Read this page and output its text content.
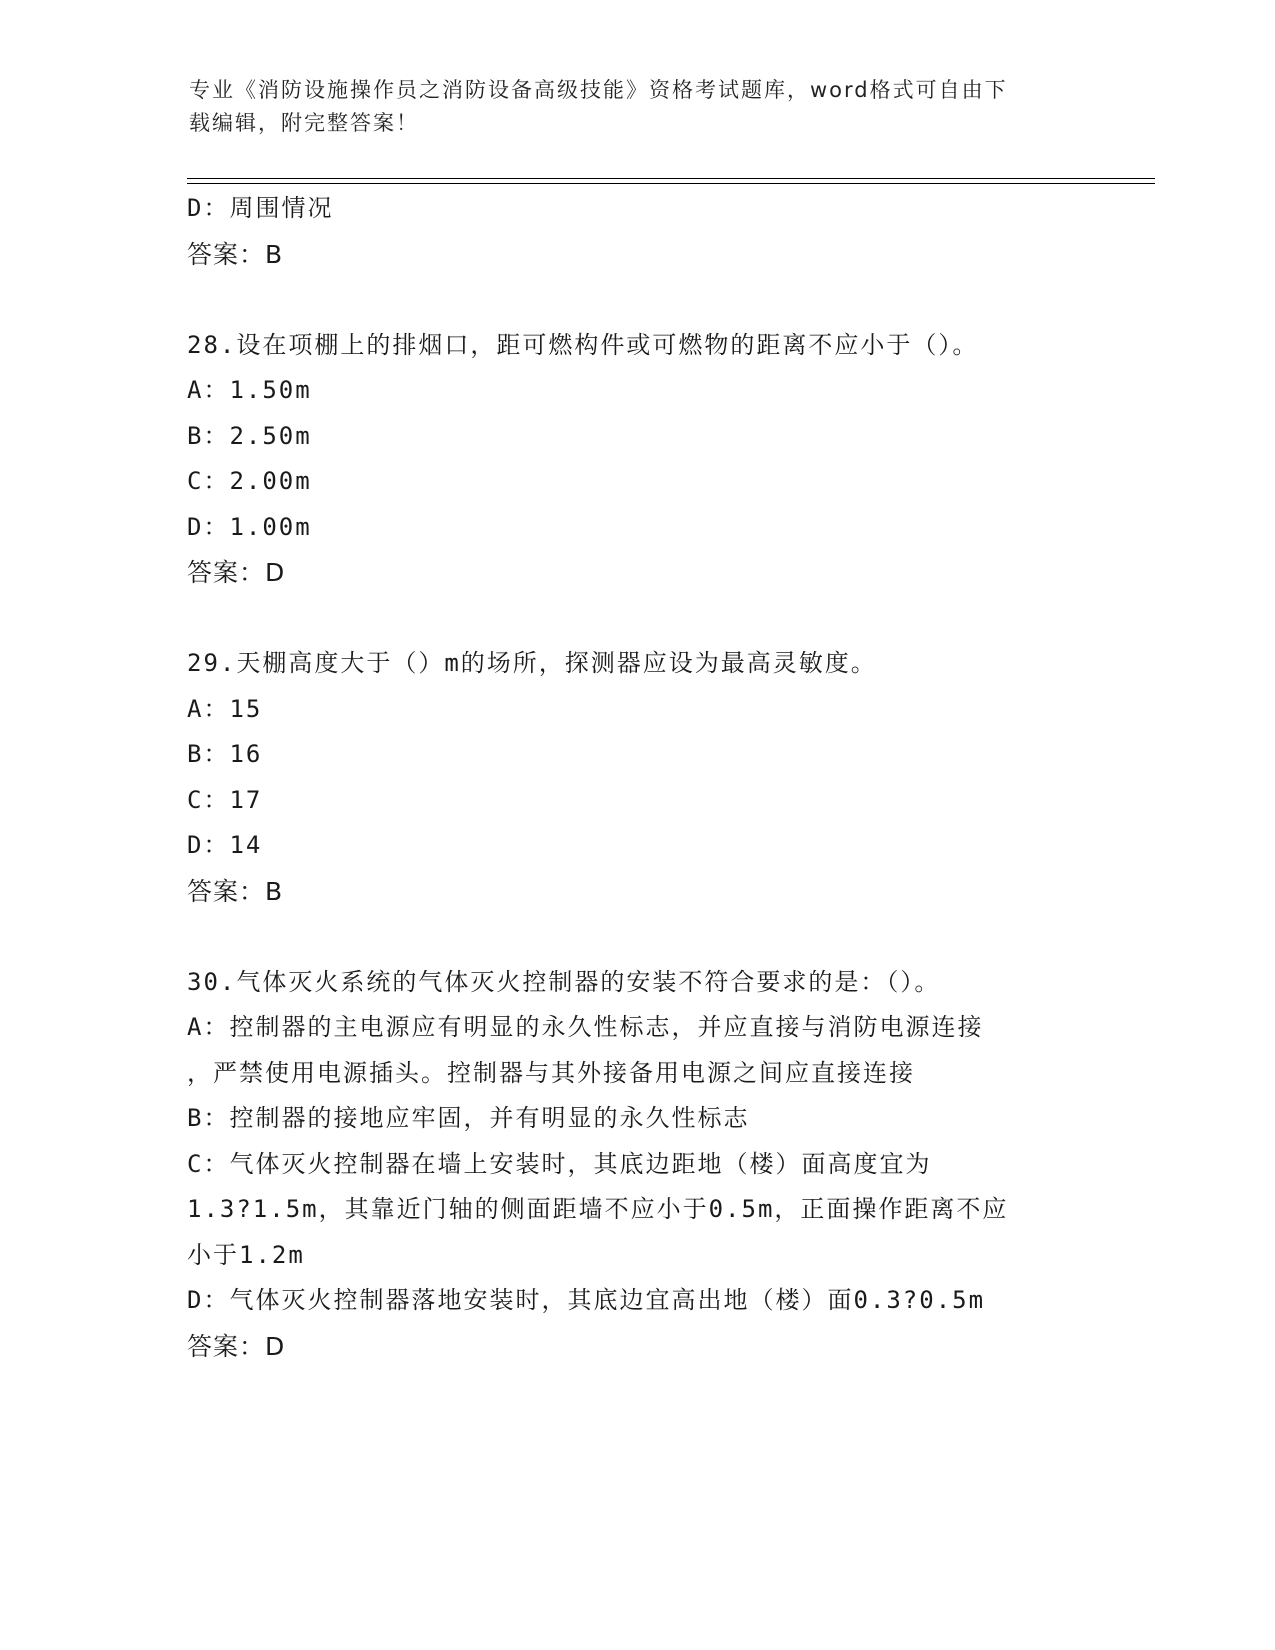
专业《消防设施操作员之消防设备高级技能》资格考试题库，word格式可自由下
载编辑，附完整答案！
D：周围情况
答案：B
28.设在项棚上的排烟口，距可燃构件或可燃物的距离不应小于（）。
A：1.50m
B：2.50m
C：2.00m
D：1.00m
答案：D
29.天棚高度大于（）m的场所，探测器应设为最高灵敏度。
A：15
B：16
C：17
D：14
答案：B
30.气体灭火系统的气体灭火控制器的安装不符合要求的是：（）。
A：控制器的主电源应有明显的永久性标志，并应直接与消防电源连接
，严禁使用电源插头。控制器与其外接备用电源之间应直接连接
B：控制器的接地应牢固，并有明显的永久性标志
C：气体灭火控制器在墙上安装时，其底边距地（楼）面高度宜为
1.3?1.5m，其靠近门轴的侧面距墙不应小于0.5m，正面操作距离不应
小于1.2m
D：气体灭火控制器落地安装时，其底边宜高出地（楼）面0.3?0.5m
答案：D
